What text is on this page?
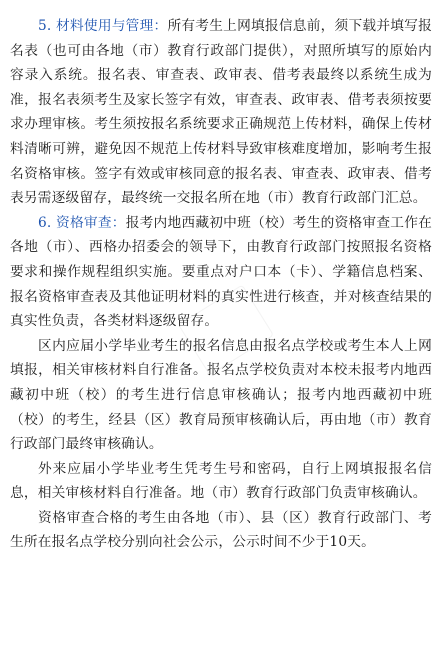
5. 材料使用与管理：所有考生上网填报信息前，须下载并填写报名表（也可由各地（市）教育行政部门提供），对照所填写的原始内容录入系统。报名表、审查表、政审表、借考表最终以系统生成为准，报名表须考生及家长签字有效，审查表、政审表、借考表须按要求办理审核。考生须按报名系统要求正确规范上传材料，确保上传材料清晰可辨，避免因不规范上传材料导致审核难度增加，影响考生报名资格审核。签字有效或审核同意的报名表、审查表、政审表、借考表另需逐级留存，最终统一交报名所在地（市）教育行政部门汇总。

6. 资格审查：报考内地西藏初中班（校）考生的资格审查工作在各地（市）、西格办招委会的领导下，由教育行政部门按照报名资格要求和操作规程组织实施。要重点对户口本（卡）、学籍信息档案、报名资格审查表及其他证明材料的真实性进行核查，并对核查结果的真实性负责，各类材料逐级留存。

区内应届小学毕业考生的报名信息由报名点学校或考生本人上网填报，相关审核材料自行准备。报名点学校负责对本校未报考内地西藏初中班（校）的考生进行信息审核确认；报考内地西藏初中班（校）的考生，经县（区）教育局预审核确认后，再由地（市）教育行政部门最终审核确认。

外来应届小学毕业考生凭考生号和密码，自行上网填报报名信息，相关审核材料自行准备。地（市）教育行政部门负责审核确认。

资格审查合格的考生由各地（市）、县（区）教育行政部门、考生所在报名点学校分别向社会公示，公示时间不少于10天。
